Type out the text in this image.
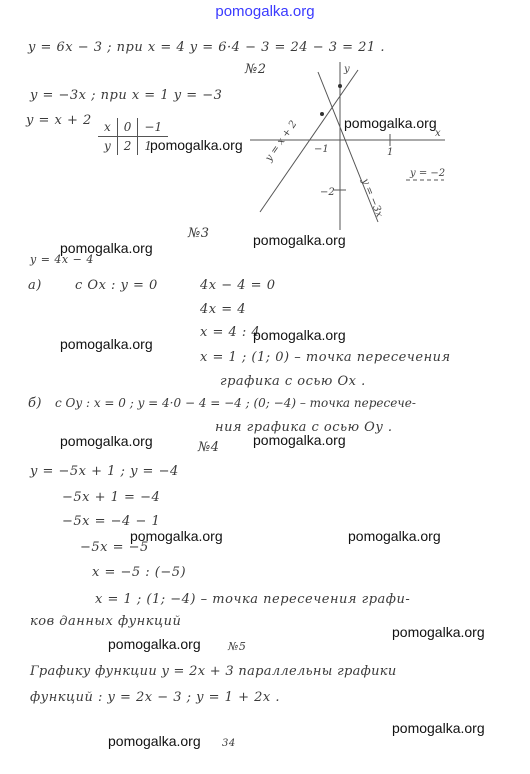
pomogalka.org
y = 6x − 3 ; при x = 4 y = 6·4 − 3 = 24 − 3 = 21 .
№2
y = −3x ; при x = 1 y = −3
y = x + 2 x	0	−1
y	2	1
x
y
y = x + 2
y = −3x
y = −2
1
−1
−2
№3
y = 4x − 4
а)	с Ox : y = 0	4x − 4 = 0
4x = 4
x = 4 : 4
x = 1 ; (1; 0) – точка пересечения
графика с осью Ox .
б) с Oy : x = 0 ; y = 4·0 − 4 = −4 ; (0; −4) – точка пересече-
ния графика с осью Oy .
№4
y = −5x + 1 ; y = −4
−5x + 1 = −4
−5x = −4 − 1
−5x = −5
x = −5 : (−5)
x = 1 ; (1; −4) – точка пересечения графи-
ков данных функций
№5
Графику функции y = 2x + 3 параллельны графики
функций : y = 2x − 3 ; y = 1 + 2x .
34
pomogalka.org
pomogalka.org
pomogalka.org	pomogalka.org
pomogalka.org
pomogalka.org
pomogalka.org	pomogalka.org
pomogalka.org	pomogalka.org
pomogalka.org
pomogalka.org
pomogalka.org
pomogalka.org
